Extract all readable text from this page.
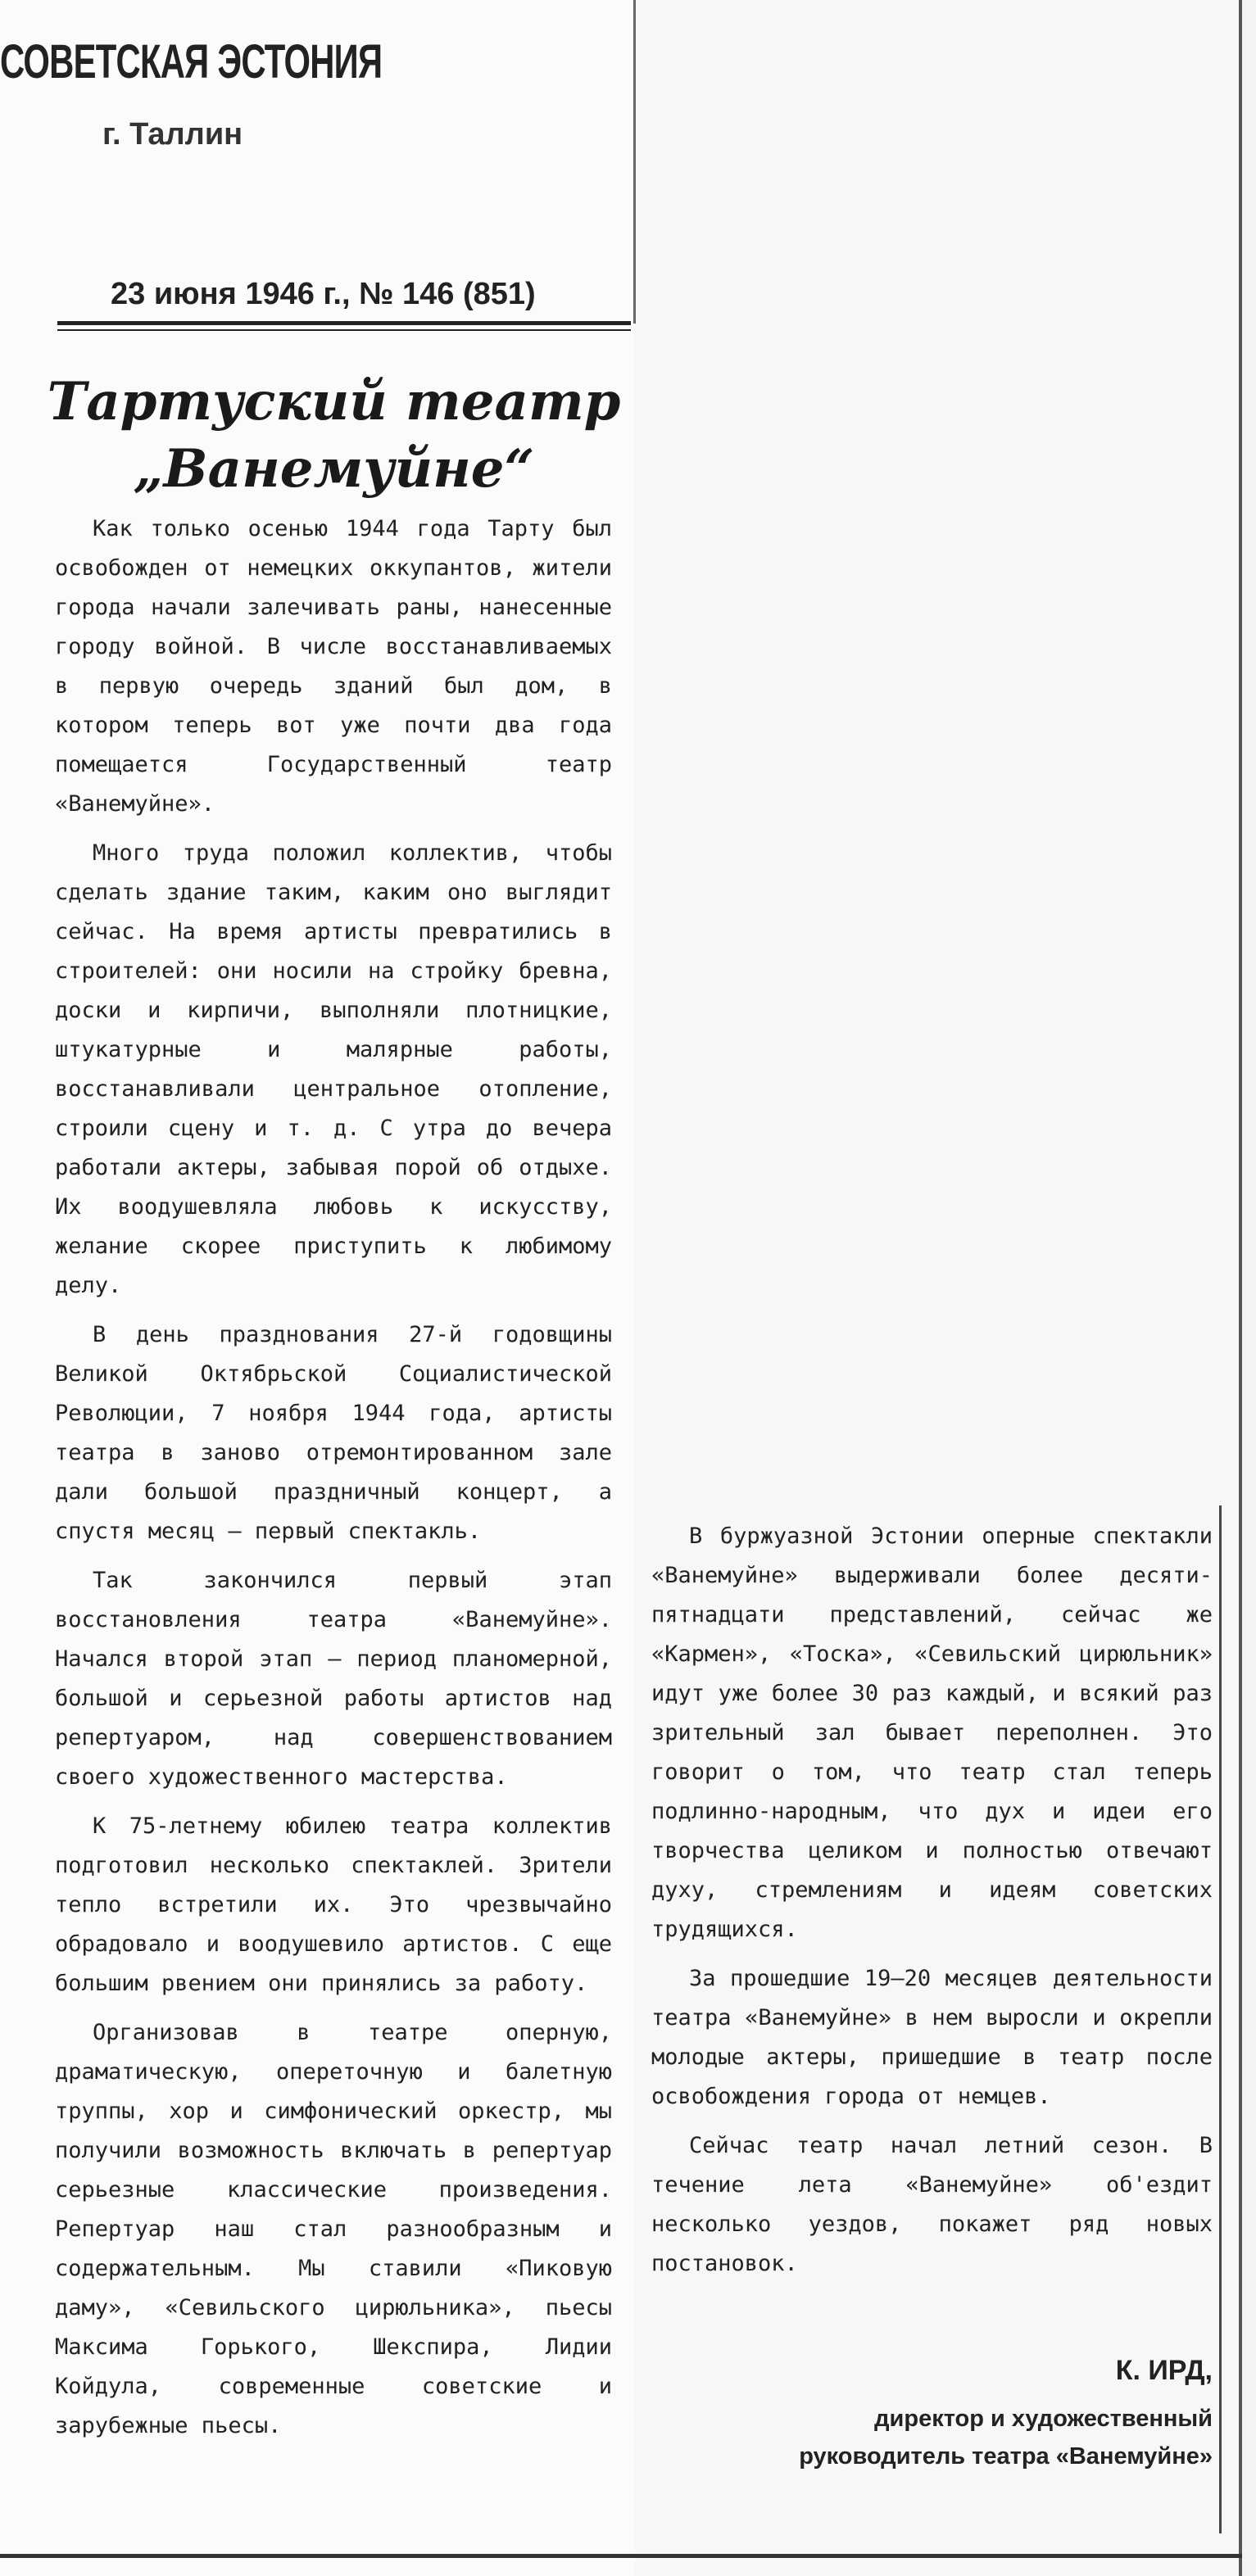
СОВЕТСКАЯ ЭСТОНИЯ
г. Таллин
23 июня 1946 г., № 146 (851)
Тартуский театр
„Ванемуйне“

Как только осенью 1944 года Тарту был освобожден от немецких оккупантов, жители города начали залечивать раны, нанесенные городу войной. В числе восстанавливаемых в первую очередь зданий был дом, в котором теперь вот уже почти два года помещается Государственный театр «Ванемуйне».

Много труда положил коллектив, чтобы сделать здание таким, каким оно выглядит сейчас. На время артисты превратились в строителей: они носили на стройку бревна, доски и кирпичи, выполняли плотницкие, штукатурные и малярные работы, восстанавливали центральное отопление, строили сцену и т. д. С утра до вечера работали актеры, забывая порой об отдыхе. Их воодушевляла любовь к искусству, желание скорее приступить к любимому делу.

В день празднования 27-й годовщины Великой Октябрьской Социалистической Революции, 7 ноября 1944 года, артисты театра в заново отремонтированном зале дали большой праздничный концерт, а спустя месяц — первый спектакль.

Так закончился первый этап восстановления театра «Ванемуйне». Начался второй этап — период планомерной, большой и серьезной работы артистов над репертуаром, над совершенствованием своего художественного мастерства.

К 75-летнему юбилею театра коллектив подготовил несколько спектаклей. Зрители тепло встретили их. Это чрезвычайно обрадовало и воодушевило артистов. С еще большим рвением они принялись за работу.

Организовав в театре оперную, драматическую, опереточную и балетную труппы, хор и симфонический оркестр, мы получили возможность включать в репертуар серьезные классические произведения. Репертуар наш стал разнообразным и содержательным. Мы ставили «Пиковую даму», «Севильского цирюльника», пьесы Максима Горького, Шекспира, Лидии Койдула, современные советские и зарубежные пьесы.

В буржуазной Эстонии оперные спектакли «Ванемуйне» выдерживали более десяти-пятнадцати представлений, сейчас же «Кармен», «Тоска», «Севильский цирюльник» идут уже более 30 раз каждый, и всякий раз зрительный зал бывает переполнен. Это говорит о том, что театр стал теперь подлинно-народным, что дух и идеи его творчества целиком и полностью отвечают духу, стремлениям и идеям советских трудящихся.

За прошедшие 19—20 месяцев деятельности театра «Ванемуйне» в нем выросли и окрепли молодые актеры, пришедшие в театр после освобождения города от немцев.

Сейчас театр начал летний сезон. В течение лета «Ванемуйне» об'ездит несколько уездов, покажет ряд новых постановок.

К. ИРД,
директор и художественный
руководитель театра «Ванемуйне»
